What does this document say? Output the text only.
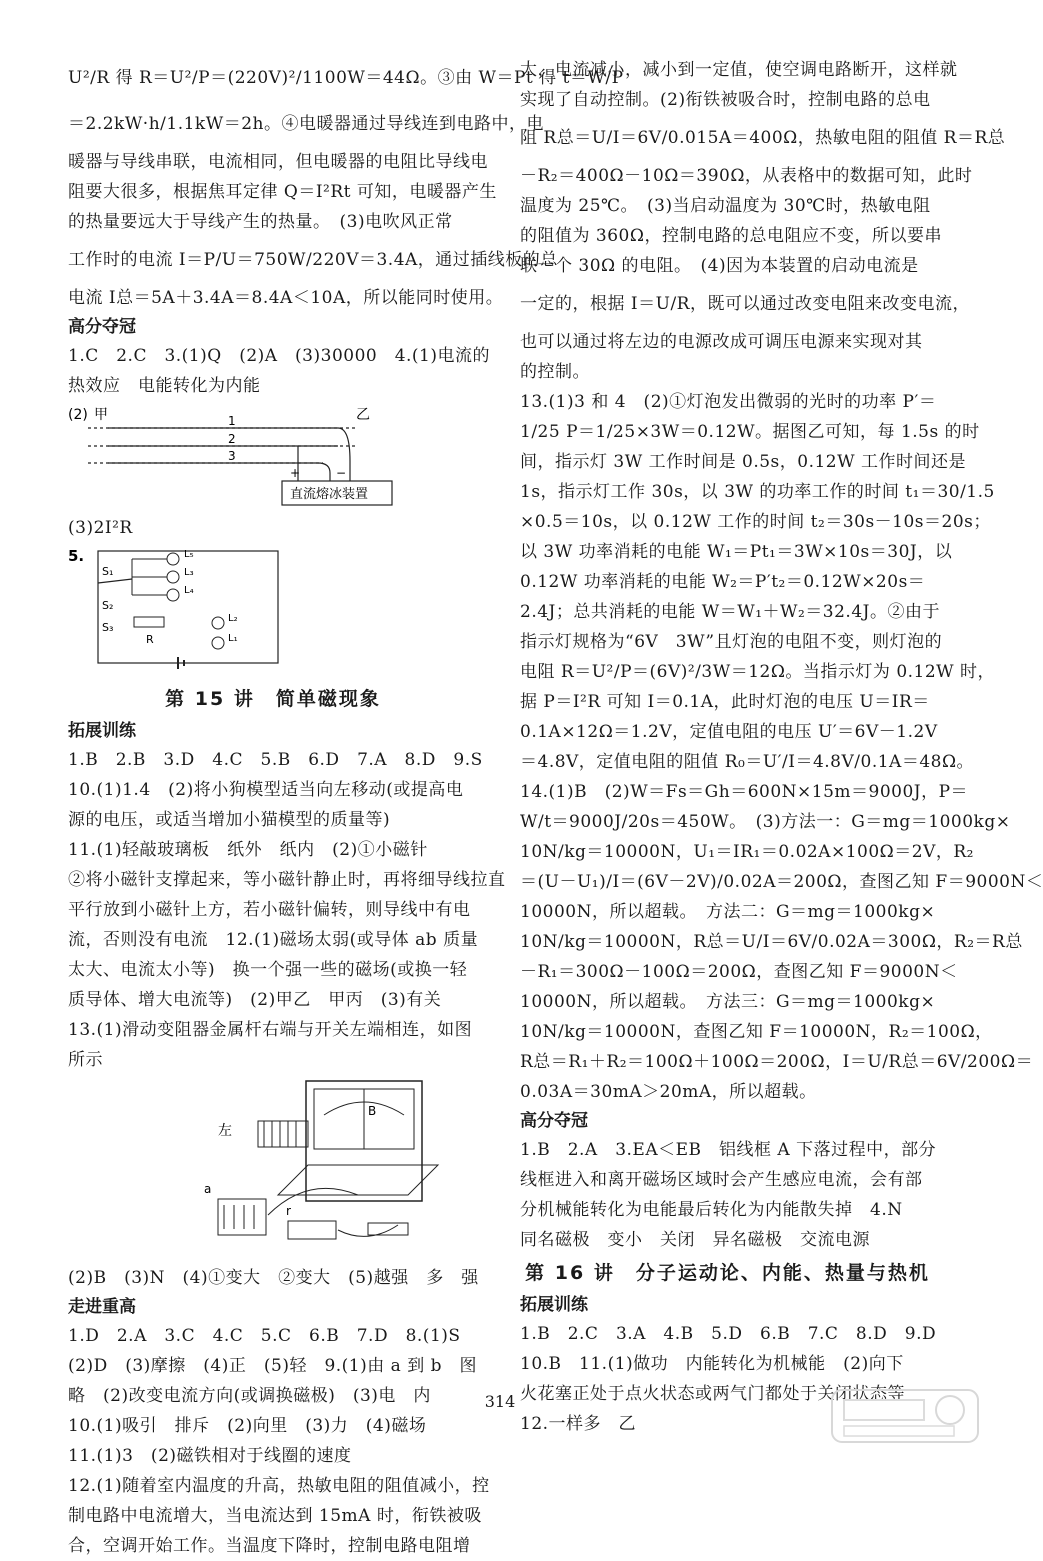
U²/R 得 R＝U²/P＝(220V)²/1100W＝44Ω。③由 W＝Pt 得 t＝W/P
＝2.2kW·h/1.1kW＝2h。④电暖器通过导线连到电路中，电
暖器与导线串联，电流相同，但电暖器的电阻比导线电
阻要大很多，根据焦耳定律 Q＝I²Rt 可知，电暖器产生
的热量要远大于导线产生的热量。　(3)电吹风正常
工作时的电流 I＝P/U＝750W/220V＝3.4A，通过插线板的总
电流 I总＝5A＋3.4A＝8.4A＜10A，所以能同时使用。
高分夺冠
1.C　2.C　3.(1)Q　(2)A　(3)30000　4.(1)电流的
热效应　电能转化为内能
(2) 甲	乙
1
2
3
+	−
直流熔冰装置
(3)2I²R
5.
S₁
L₅
L₃
L₄
S₂
S₃
R
L₂
L₁
第 15 讲　简单磁现象
拓展训练
1.B　2.B　3.D　4.C　5.B　6.D　7.A　8.D　9.S
10.(1)1.4　(2)将小狗模型适当向左移动(或提高电
源的电压，或适当增加小猫模型的质量等)
11.(1)轻敲玻璃板　纸外　纸内　(2)①小磁针
②将小磁针支撑起来，等小磁针静止时，再将细导线拉直
平行放到小磁针上方，若小磁针偏转，则导线中有电
流，否则没有电流　12.(1)磁场太弱(或导体 ab 质量
太大、电流太小等)　换一个强一些的磁场(或换一轻
质导体、增大电流等)　(2)甲乙　甲丙　(3)有关
13.(1)滑动变阻器金属杆右端与开关左端相连，如图
所示
左
B
a
r
(2)B　(3)N　(4)①变大　②变大　(5)越强　多　强
走进重高
1.D　2.A　3.C　4.C　5.C　6.B　7.D　8.(1)S
(2)D　(3)摩擦　(4)正　(5)轻　9.(1)由 a 到 b　图
略　(2)改变电流方向(或调换磁极)　(3)电　内
10.(1)吸引　排斥　(2)向里　(3)力　(4)磁场
11.(1)3　(2)磁铁相对于线圈的速度
12.(1)随着室内温度的升高，热敏电阻的阻值减小，控
制电路中电流增大，当电流达到 15mA 时，衔铁被吸
合，空调开始工作。当温度下降时，控制电路电阻增
大，电流减小，减小到一定值，使空调电路断开，这样就
实现了自动控制。(2)衔铁被吸合时，控制电路的总电
阻 R总＝U/I＝6V/0.015A＝400Ω，热敏电阻的阻值 R＝R总
－R₂＝400Ω－10Ω＝390Ω，从表格中的数据可知，此时
温度为 25℃。　(3)当启动温度为 30℃时，热敏电阻
的阻值为 360Ω，控制电路的总电阻应不变，所以要串
联一个 30Ω 的电阻。　(4)因为本装置的启动电流是
一定的，根据 I＝U/R，既可以通过改变电阻来改变电流，
也可以通过将左边的电源改成可调压电源来实现对其
的控制。
13.(1)3 和 4　(2)①灯泡发出微弱的光时的功率 P′＝
1/25 P＝1/25×3W＝0.12W。据图乙可知，每 1.5s 的时
间，指示灯 3W 工作时间是 0.5s，0.12W 工作时间还是
1s，指示灯工作 30s，以 3W 的功率工作的时间 t₁＝30/1.5
×0.5＝10s，以 0.12W 工作的时间 t₂＝30s－10s＝20s；
以 3W 功率消耗的电能 W₁＝Pt₁＝3W×10s＝30J，以
0.12W 功率消耗的电能 W₂＝P′t₂＝0.12W×20s＝
2.4J；总共消耗的电能 W＝W₁＋W₂＝32.4J。②由于
指示灯规格为“6V　3W”且灯泡的电阻不变，则灯泡的
电阻 R＝U²/P＝(6V)²/3W＝12Ω。当指示灯为 0.12W 时，
据 P＝I²R 可知 I＝0.1A，此时灯泡的电压 U＝IR＝
0.1A×12Ω＝1.2V，定值电阻的电压 U′＝6V－1.2V
＝4.8V，定值电阻的阻值 R₀＝U′/I＝4.8V/0.1A＝48Ω。
14.(1)B　(2)W＝Fs＝Gh＝600N×15m＝9000J，P＝
W/t＝9000J/20s＝450W。　(3)方法一：G＝mg＝1000kg×
10N/kg＝10000N，U₁＝IR₁＝0.02A×100Ω＝2V，R₂
＝(U－U₁)/I＝(6V－2V)/0.02A＝200Ω，查图乙知 F＝9000N＜
10000N，所以超载。　方法二：G＝mg＝1000kg×
10N/kg＝10000N，R总＝U/I＝6V/0.02A＝300Ω，R₂＝R总
－R₁＝300Ω－100Ω＝200Ω，查图乙知 F＝9000N＜
10000N，所以超载。　方法三：G＝mg＝1000kg×
10N/kg＝10000N，查图乙知 F＝10000N，R₂＝100Ω，
R总＝R₁＋R₂＝100Ω＋100Ω＝200Ω，I＝U/R总＝6V/200Ω＝
0.03A＝30mA＞20mA，所以超载。
高分夺冠
1.B　2.A　3.EA＜EB　铝线框 A 下落过程中，部分
线框进入和离开磁场区域时会产生感应电流，会有部
分机械能转化为电能最后转化为内能散失掉　4.N
同名磁极　变小　关闭　异名磁极　交流电源
第 16 讲　分子运动论、内能、热量与热机
拓展训练
1.B　2.C　3.A　4.B　5.D　6.B　7.C　8.D　9.D
10.B　11.(1)做功　内能转化为机械能　(2)向下
火花塞正处于点火状态或两气门都处于关闭状态等
12.一样多　乙
314
